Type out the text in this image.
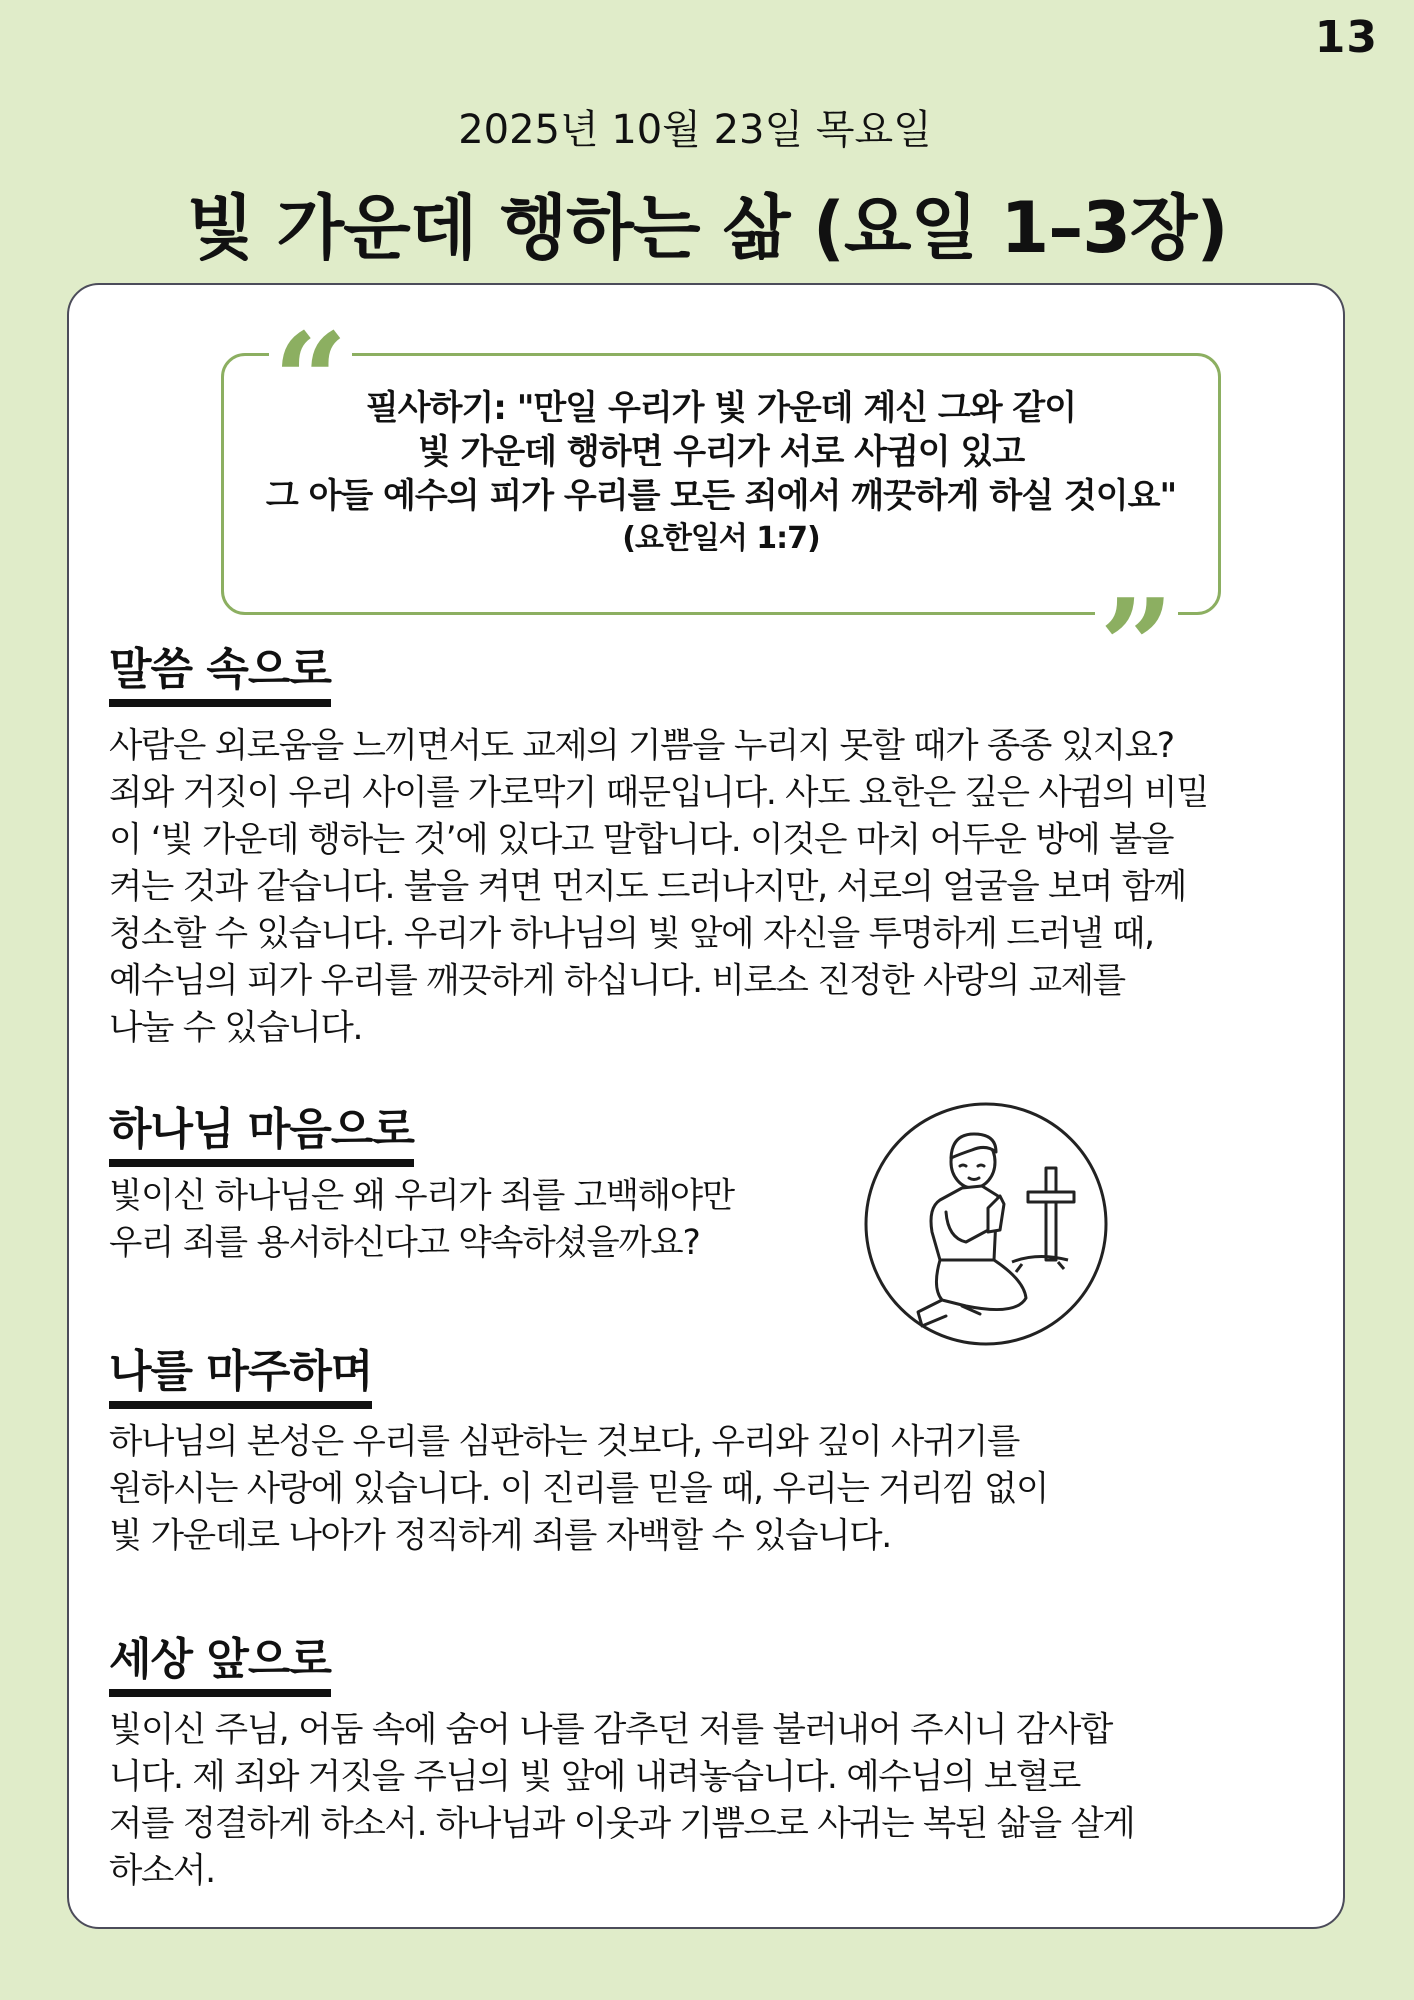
13
2025년 10월 23일 목요일
빛 가운데 행하는 삶 (요일 1–3장)
“ 필사하기: "만일 우리가 빛 가운데 계신 그와 같이
빛 가운데 행하면 우리가 서로 사귐이 있고
그 아들 예수의 피가 우리를 모든 죄에서 깨끗하게 하실 것이요"
(요한일서 1:7)
”
말씀 속으로
사람은 외로움을 느끼면서도 교제의 기쁨을 누리지 못할 때가 종종 있지요?
죄와 거짓이 우리 사이를 가로막기 때문입니다. 사도 요한은 깊은 사귐의 비밀
이 ‘빛 가운데 행하는 것’에 있다고 말합니다. 이것은 마치 어두운 방에 불을
켜는 것과 같습니다. 불을 켜면 먼지도 드러나지만, 서로의 얼굴을 보며 함께
청소할 수 있습니다. 우리가 하나님의 빛 앞에 자신을 투명하게 드러낼 때,
예수님의 피가 우리를 깨끗하게 하십니다. 비로소 진정한 사랑의 교제를
나눌 수 있습니다.
하나님 마음으로
빛이신 하나님은 왜 우리가 죄를 고백해야만
우리 죄를 용서하신다고 약속하셨을까요?
나를 마주하며
하나님의 본성은 우리를 심판하는 것보다, 우리와 깊이 사귀기를
원하시는 사랑에 있습니다. 이 진리를 믿을 때, 우리는 거리낌 없이
빛 가운데로 나아가 정직하게 죄를 자백할 수 있습니다.
세상 앞으로
빛이신 주님, 어둠 속에 숨어 나를 감추던 저를 불러내어 주시니 감사합
니다. 제 죄와 거짓을 주님의 빛 앞에 내려놓습니다. 예수님의 보혈로
저를 정결하게 하소서. 하나님과 이웃과 기쁨으로 사귀는 복된 삶을 살게
하소서.
